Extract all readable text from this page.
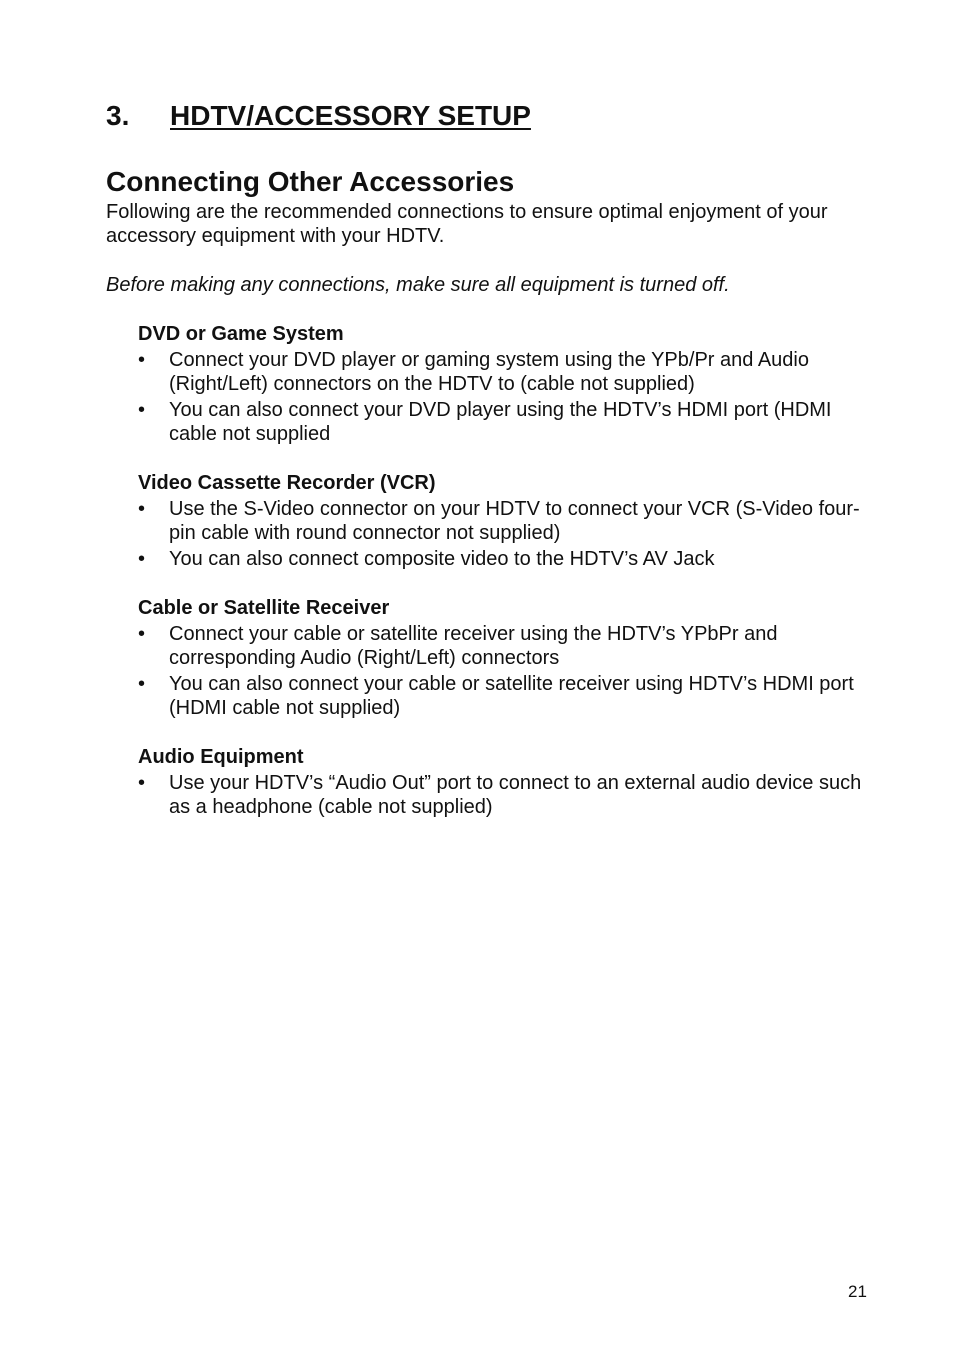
3. HDTV/ACCESSORY SETUP
Connecting Other Accessories

Following are the recommended connections to ensure optimal enjoyment of your accessory equipment with your HDTV.

Before making any connections, make sure all equipment is turned off.

DVD or Game System
• Connect your DVD player or gaming system using the YPb/Pr and Audio (Right/Left) connectors on the HDTV to (cable not supplied)
• You can also connect your DVD player using the HDTV’s HDMI port (HDMI cable not supplied
Video Cassette Recorder (VCR)
• Use the S-Video connector on your HDTV to connect your VCR (S-Video four-pin cable with round connector not supplied)
• You can also connect composite video to the HDTV’s AV Jack
Cable or Satellite Receiver
• Connect your cable or satellite receiver using the HDTV’s YPbPr and corresponding Audio (Right/Left) connectors
• You can also connect your cable or satellite receiver using HDTV’s HDMI port (HDMI cable not supplied)
Audio Equipment
• Use your HDTV’s “Audio Out” port to connect to an external audio device such as a headphone (cable not supplied)
21
